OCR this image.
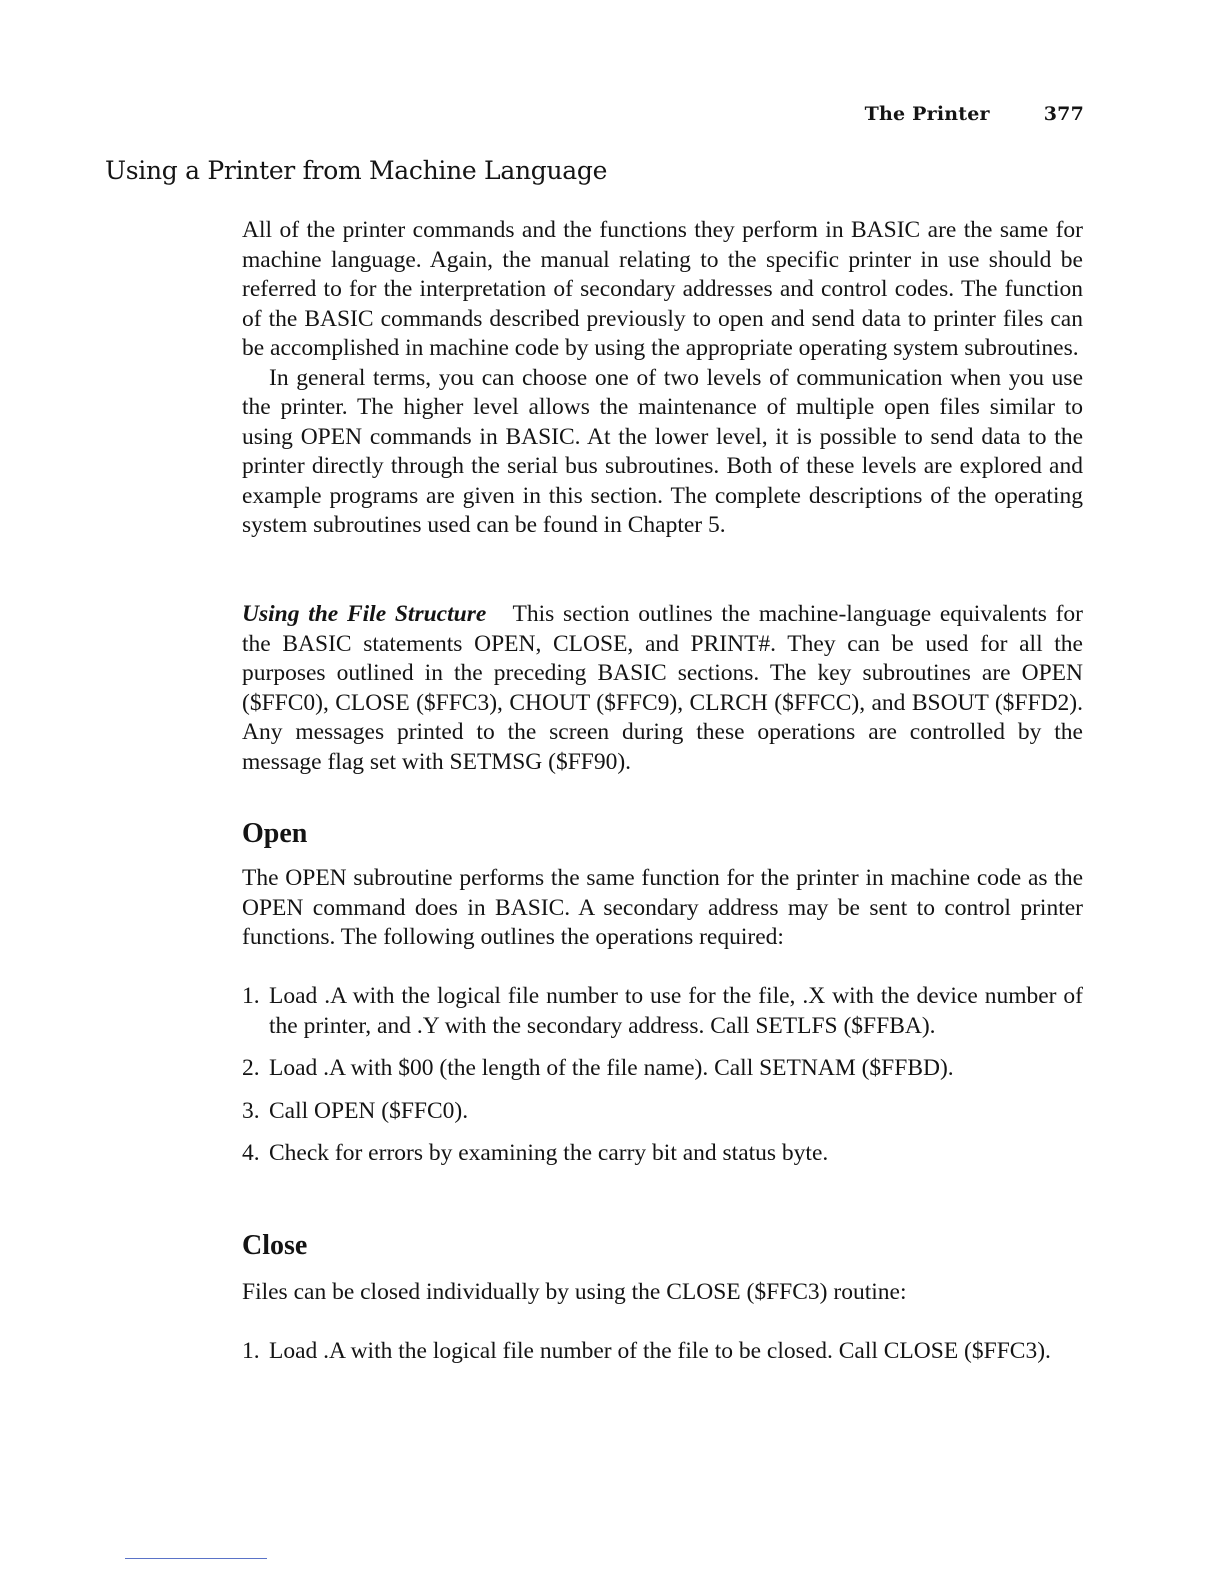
The Printer	377
Using a Printer from Machine Language

All of the printer commands and the functions they perform in BASIC are the same for machine language. Again, the manual relating to the specific printer in use should be referred to for the interpretation of secondary addresses and control codes. The function of the BASIC commands described previously to open and send data to printer files can be accomplished in machine code by using the appropriate operating system subroutines.

In general terms, you can choose one of two levels of communication when you use the printer. The higher level allows the maintenance of multiple open files similar to using OPEN commands in BASIC. At the lower level, it is possible to send data to the printer directly through the serial bus subroutines. Both of these levels are explored and example programs are given in this section. The complete descriptions of the operating system subroutines used can be found in Chapter 5.

Using the File Structure This section outlines the machine-language equivalents for the BASIC statements OPEN, CLOSE, and PRINT#. They can be used for all the purposes outlined in the preceding BASIC sections. The key subroutines are OPEN ($FFC0), CLOSE ($FFC3), CHOUT ($FFC9), CLRCH ($FFCC), and BSOUT ($FFD2). Any messages printed to the screen during these operations are controlled by the message flag set with SETMSG ($FF90).

Open

The OPEN subroutine performs the same function for the printer in machine code as the OPEN command does in BASIC. A secondary address may be sent to control printer functions. The following outlines the operations required:

1. Load .A with the logical file number to use for the file, .X with the device number of the printer, and .Y with the secondary address. Call SETLFS ($FFBA).
2. Load .A with $00 (the length of the file name). Call SETNAM ($FFBD).
3. Call OPEN ($FFC0).
4. Check for errors by examining the carry bit and status byte.
Close

Files can be closed individually by using the CLOSE ($FFC3) routine:

1. Load .A with the logical file number of the file to be closed. Call CLOSE ($FFC3).
